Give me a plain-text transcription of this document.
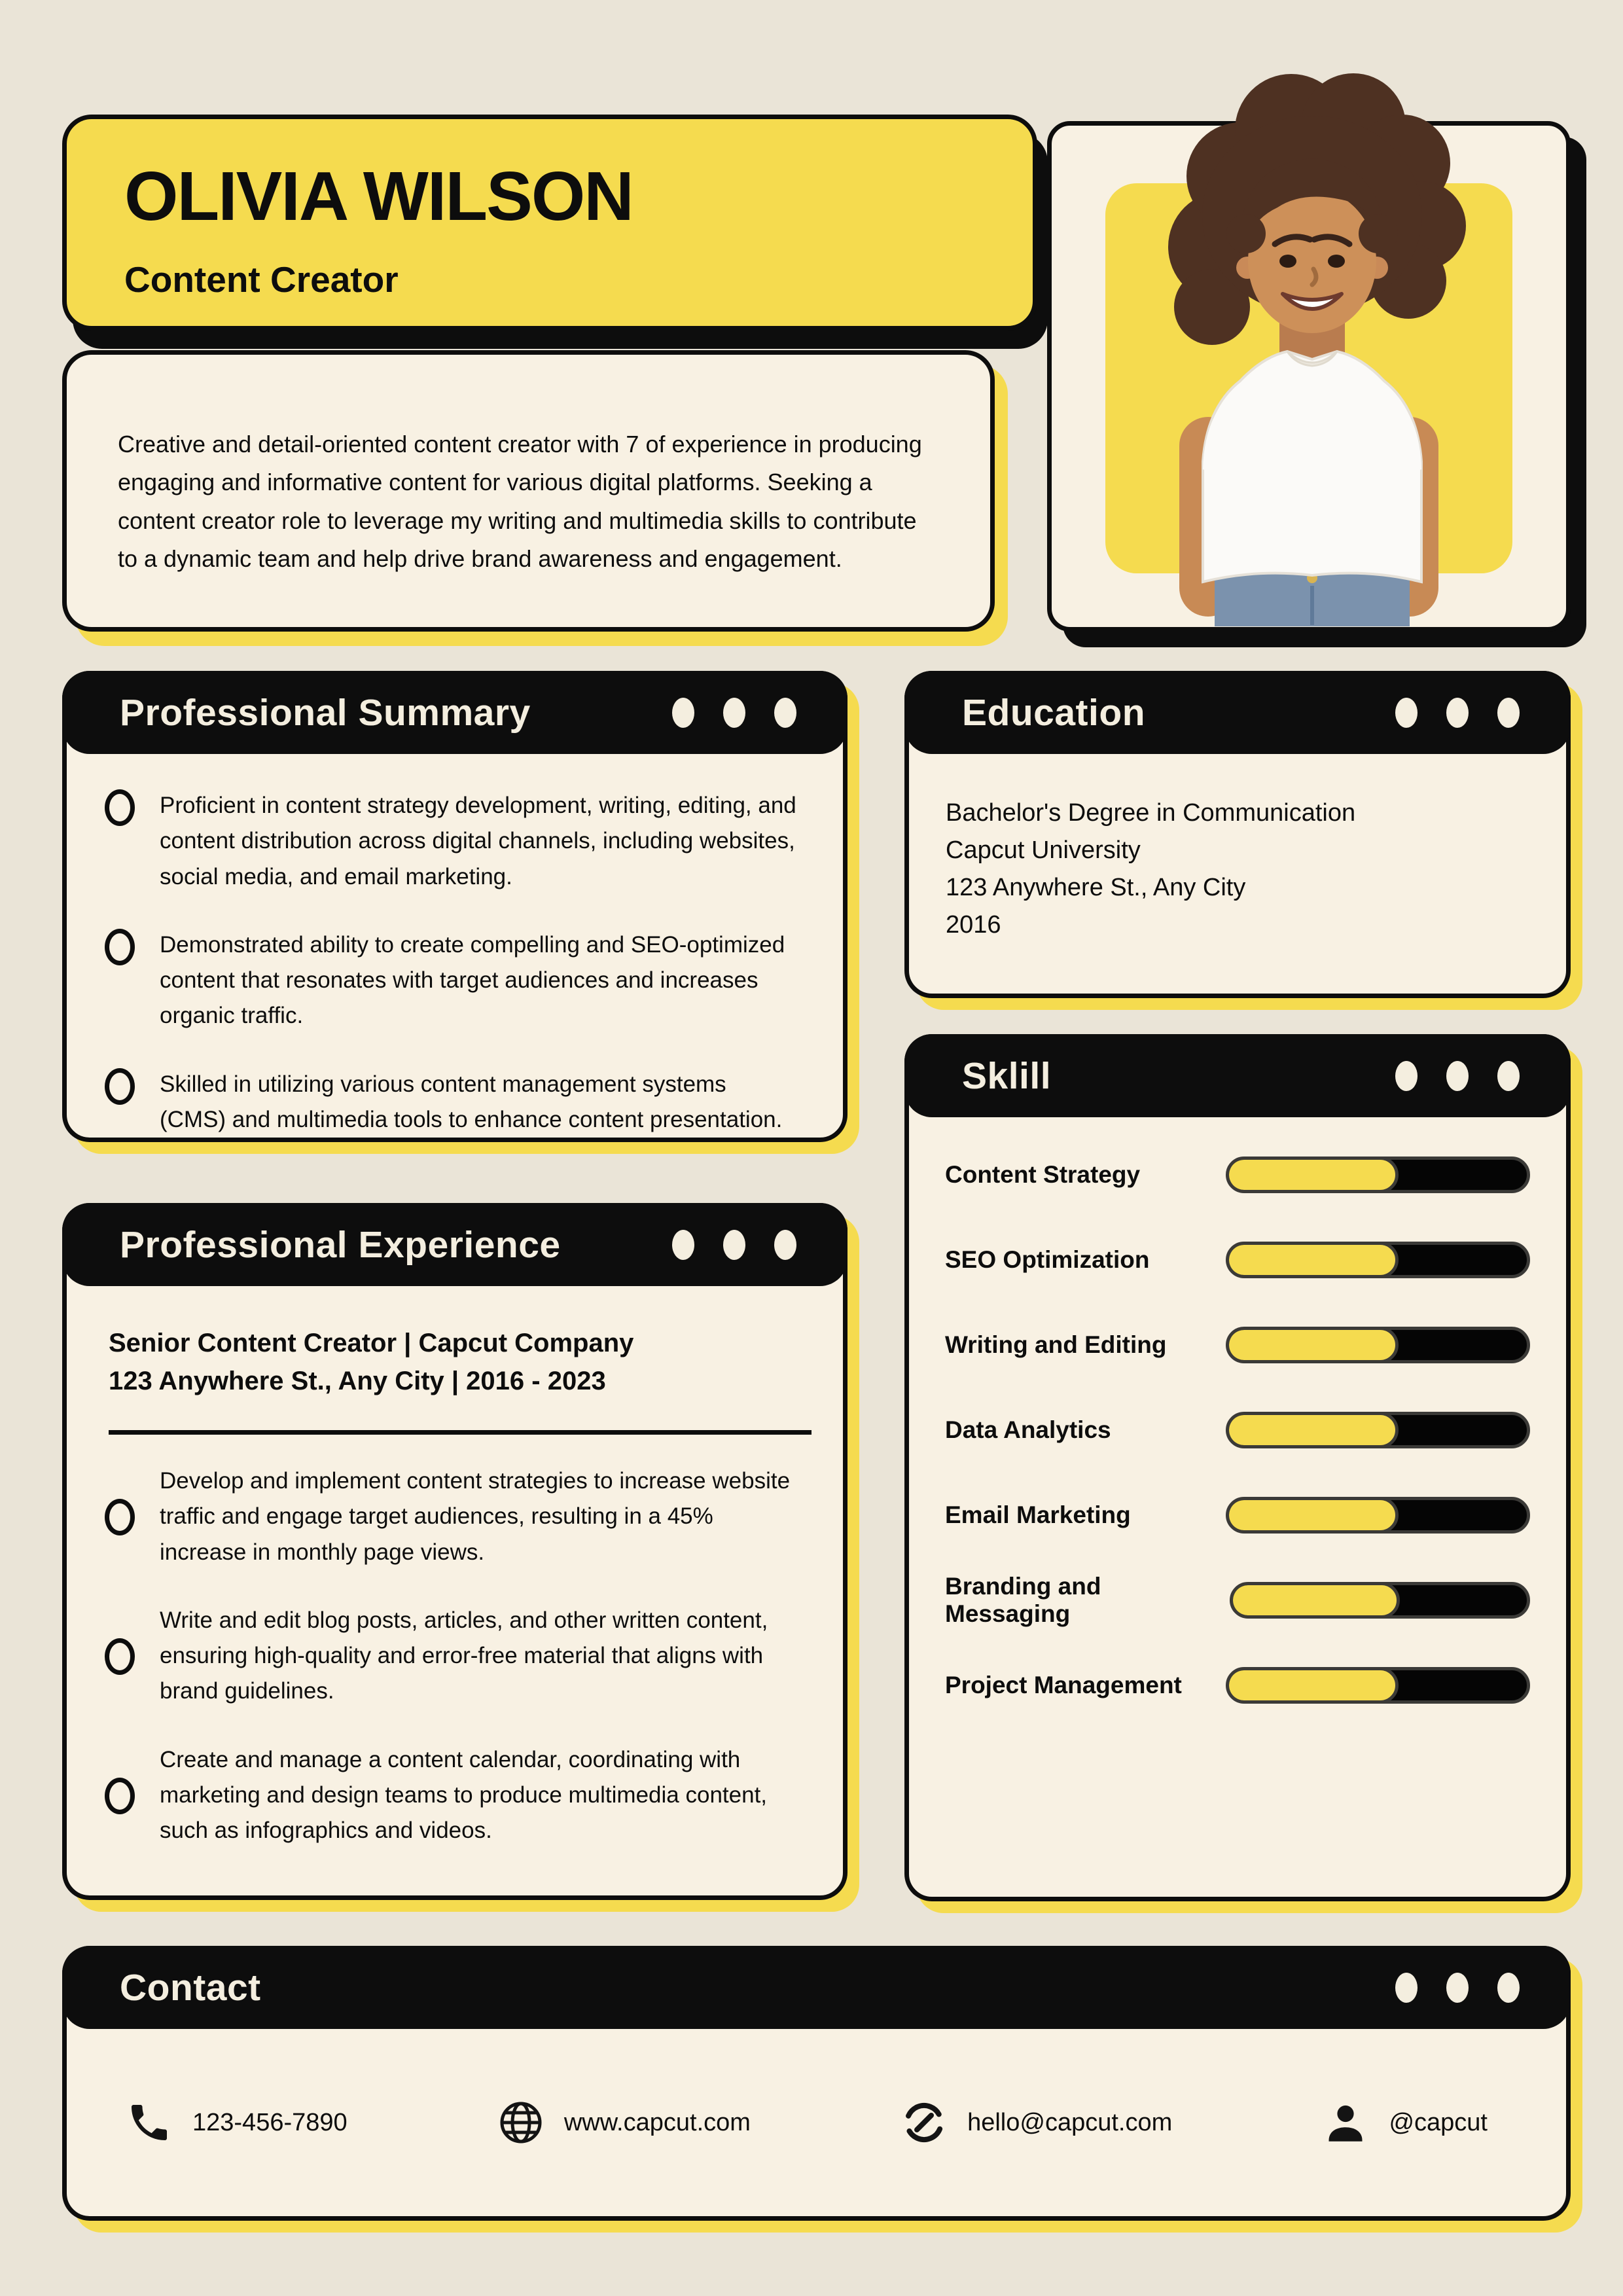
OLIVIA WILSON
Content Creator

Creative and detail-oriented content creator with 7 of experience in producing engaging and informative content for various digital platforms. Seeking a content creator role to leverage my writing and multimedia skills to contribute to a dynamic team and help drive brand awareness and engagement.

Professional Summary

Proficient in content strategy development, writing, editing, and content distribution across digital channels, including websites, social media, and email marketing.

Demonstrated ability to create compelling and SEO-optimized content that resonates with target audiences and increases organic traffic.

Skilled in utilizing various content management systems (CMS) and multimedia tools to enhance content presentation.

Education

Bachelor's Degree in Communication

Capcut University

123 Anywhere St., Any City

2016

Sklill
Content Strategy
SEO Optimization
Writing and Editing
Data Analytics
Email Marketing
Branding and Messaging
Project Management
Professional Experience

Senior Content Creator | Capcut Company

123 Anywhere St., Any City | 2016 - 2023

Develop and implement content strategies to increase website traffic and engage target audiences, resulting in a 45% increase in monthly page views.

Write and edit blog posts, articles, and other written content, ensuring high-quality and error-free material that aligns with brand guidelines.

Create and manage a content calendar, coordinating with marketing and design teams to produce multimedia content, such as infographics and videos.

Contact
123-456-7890	www.capcut.com	hello@capcut.com	@capcut
